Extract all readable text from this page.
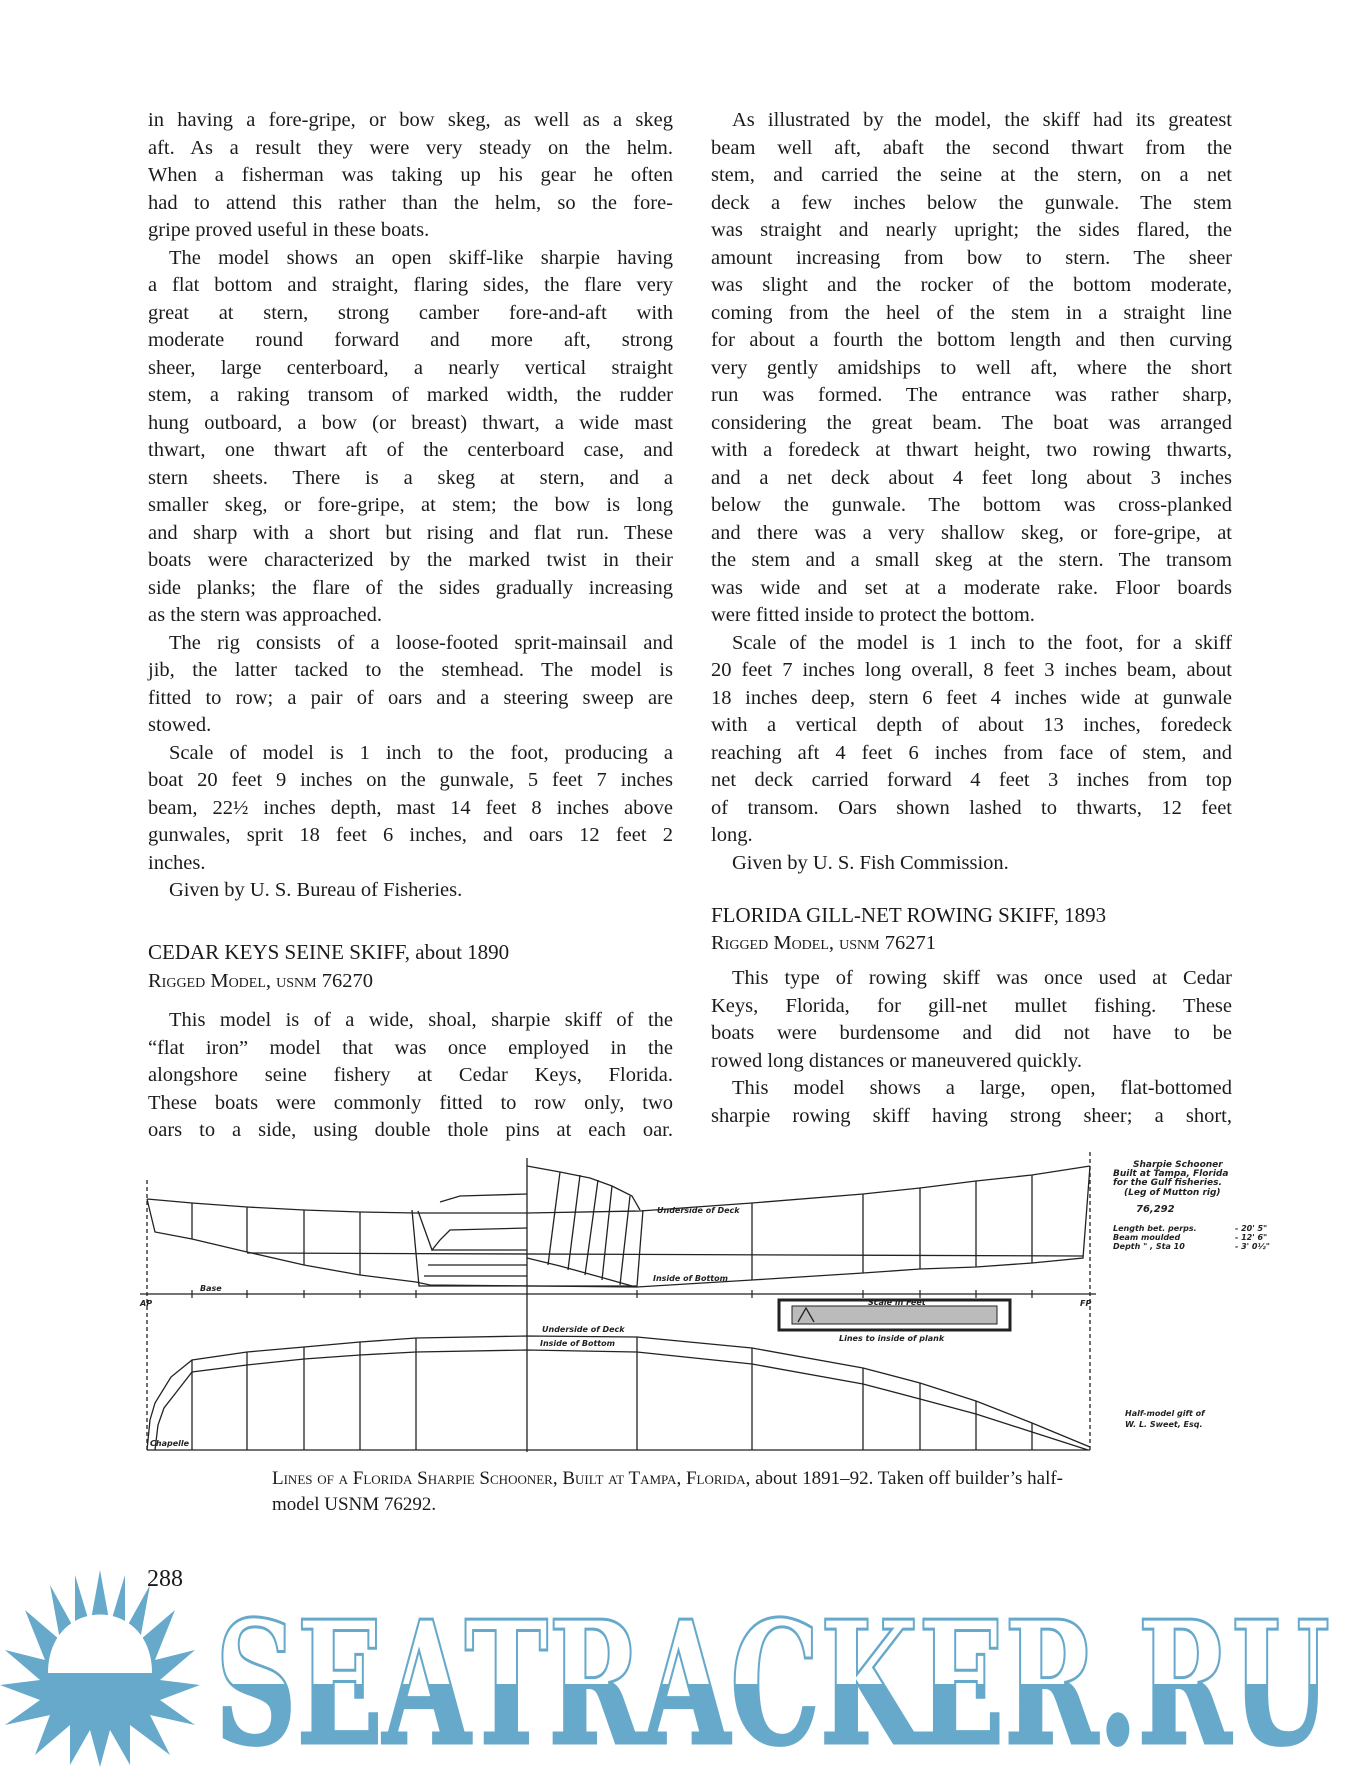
in having a fore-gripe, or bow skeg, as well as a skeg
aft. As a result they were very steady on the helm.
When a fisherman was taking up his gear he often
had to attend this rather than the helm, so the fore-
gripe proved useful in these boats.
The model shows an open skiff-like sharpie having
a flat bottom and straight, flaring sides, the flare very
great at stern, strong camber fore-and-aft with
moderate round forward and more aft, strong
sheer, large centerboard, a nearly vertical straight
stem, a raking transom of marked width, the rudder
hung outboard, a bow (or breast) thwart, a wide mast
thwart, one thwart aft of the centerboard case, and
stern sheets. There is a skeg at stern, and a
smaller skeg, or fore-gripe, at stem; the bow is long
and sharp with a short but rising and flat run. These
boats were characterized by the marked twist in their
side planks; the flare of the sides gradually increasing
as the stern was approached.
The rig consists of a loose-footed sprit-mainsail and
jib, the latter tacked to the stemhead. The model is
fitted to row; a pair of oars and a steering sweep are
stowed.
Scale of model is 1 inch to the foot, producing a
boat 20 feet 9 inches on the gunwale, 5 feet 7 inches
beam, 22½ inches depth, mast 14 feet 8 inches above
gunwales, sprit 18 feet 6 inches, and oars 12 feet 2
inches.
Given by U. S. Bureau of Fisheries.
CEDAR KEYS SEINE SKIFF, about 1890
Rigged Model, usnm 76270
This model is of a wide, shoal, sharpie skiff of the
“flat iron” model that was once employed in the
alongshore seine fishery at Cedar Keys, Florida.
These boats were commonly fitted to row only, two
oars to a side, using double thole pins at each oar.
As illustrated by the model, the skiff had its greatest
beam well aft, abaft the second thwart from the
stem, and carried the seine at the stern, on a net
deck a few inches below the gunwale. The stem
was straight and nearly upright; the sides flared, the
amount increasing from bow to stern. The sheer
was slight and the rocker of the bottom moderate,
coming from the heel of the stem in a straight line
for about a fourth the bottom length and then curving
very gently amidships to well aft, where the short
run was formed. The entrance was rather sharp,
considering the great beam. The boat was arranged
with a foredeck at thwart height, two rowing thwarts,
and a net deck about 4 feet long about 3 inches
below the gunwale. The bottom was cross-planked
and there was a very shallow skeg, or fore-gripe, at
the stem and a small skeg at the stern. The transom
was wide and set at a moderate rake. Floor boards
were fitted inside to protect the bottom.
Scale of the model is 1 inch to the foot, for a skiff
20 feet 7 inches long overall, 8 feet 3 inches beam, about
18 inches deep, stern 6 feet 4 inches wide at gunwale
with a vertical depth of about 13 inches, foredeck
reaching aft 4 feet 6 inches from face of stem, and
net deck carried forward 4 feet 3 inches from top
of transom. Oars shown lashed to thwarts, 12 feet
long.
Given by U. S. Fish Commission.
FLORIDA GILL-NET ROWING SKIFF, 1893
Rigged Model, usnm 76271
This type of rowing skiff was once used at Cedar
Keys, Florida, for gill-net mullet fishing. These
boats were burdensome and did not have to be
rowed long distances or maneuvered quickly.
This model shows a large, open, flat-bottomed
sharpie rowing skiff having strong sheer; a short,
AP	FP
Base
Underside of Deck
Inside of Bottom
Underside of Deck
Inside of Bottom
Scale in Feet
Lines to inside of plank
Sharpie Schooner
Built at Tampa, Florida
for the Gulf fisheries.
(Leg of Mutton rig)
76,292
Length bet. perps.	- 20' 5"
Beam moulded	- 12' 6"
Depth " , Sta 10	- 3' 0½"
Half-model gift of
W. L. Sweet, Esq.
Chapelle
Lines of a Florida Sharpie Schooner, Built at Tampa, Florida, about 1891–92. Taken off builder’s half-
model USNM 76292.
SEATRACKER.RU
288
